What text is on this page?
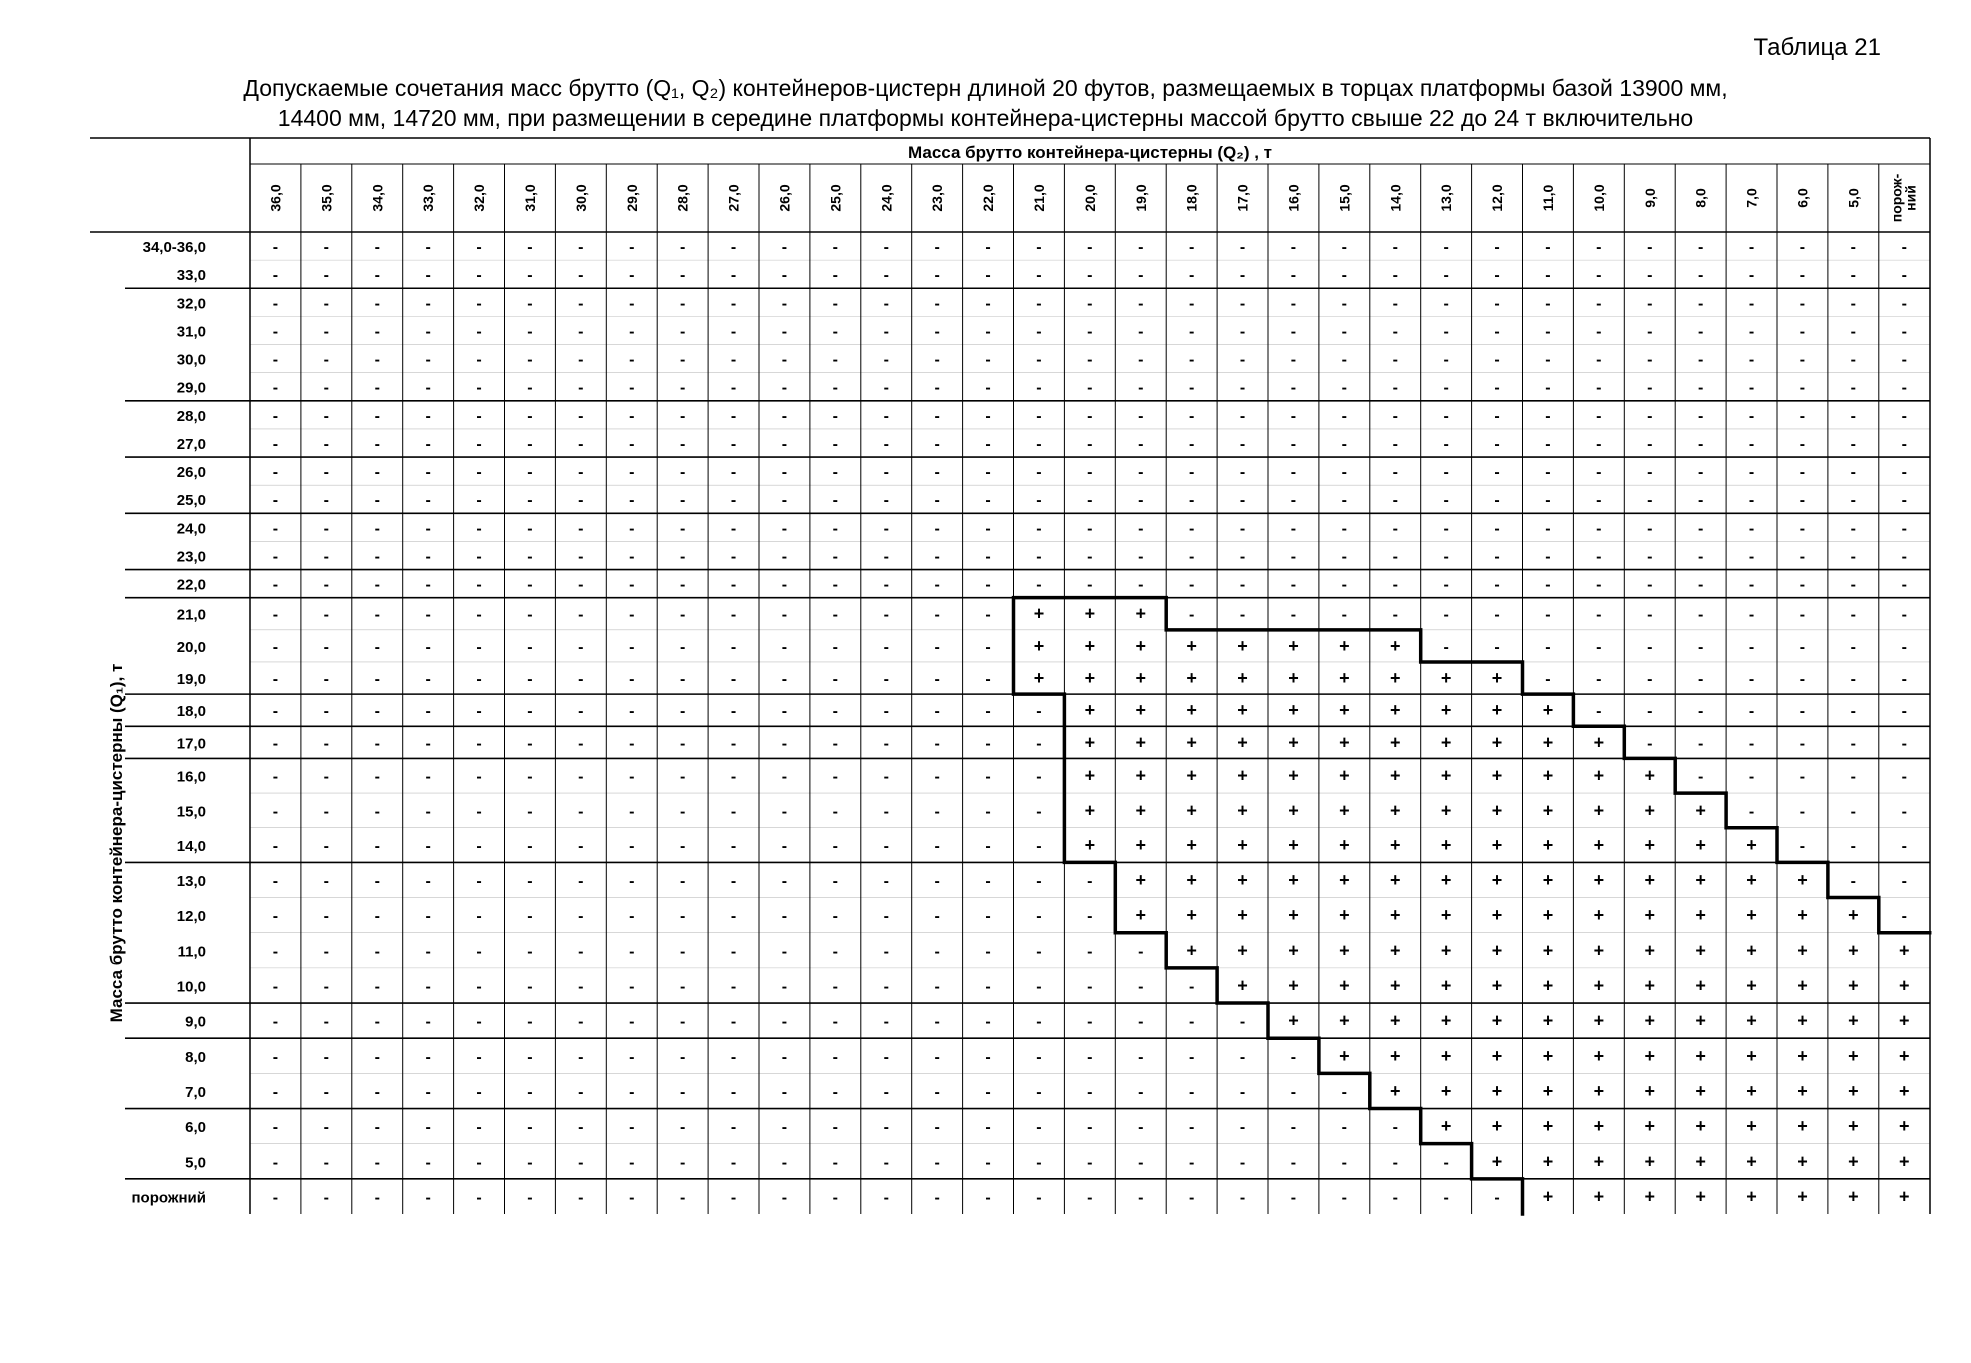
Таблица 21
Допускаемые сочетания масс брутто (Q₁, Q₂) контейнеров-цистерн длиной 20 футов, размещаемых в торцах платформы базой 13900 мм,
14400 мм, 14720 мм, при размещении в середине платформы контейнера-цистерны массой брутто свыше 22 до 24 т включительно
Масса брутто контейнера-цистерны (Q₂) , т
36,0 35,0 34,0 33,0 32,0 31,0 30,0 29,0 28,0 27,0 26,0 25,0 24,0 23,0 22,0 21,0 20,0 19,0 18,0 17,0 16,0 15,0 14,0 13,0 12,0 11,0 10,0 9,0 8,0 7,0 6,0 5,0 порож-
ний
Масса брутто контейнера-цистерны (Q₁), т
34,0-36,0	-	-	-	-	-	-	-	-	-	-	-	-	-	-	-	-	-	-	-	-	-	-	-	-	-	-	-	-	-	-	-	-	-
33,0	-	-	-	-	-	-	-	-	-	-	-	-	-	-	-	-	-	-	-	-	-	-	-	-	-	-	-	-	-	-	-	-	-
32,0	-	-	-	-	-	-	-	-	-	-	-	-	-	-	-	-	-	-	-	-	-	-	-	-	-	-	-	-	-	-	-	-	-
31,0	-	-	-	-	-	-	-	-	-	-	-	-	-	-	-	-	-	-	-	-	-	-	-	-	-	-	-	-	-	-	-	-	-
30,0	-	-	-	-	-	-	-	-	-	-	-	-	-	-	-	-	-	-	-	-	-	-	-	-	-	-	-	-	-	-	-	-	-
29,0	-	-	-	-	-	-	-	-	-	-	-	-	-	-	-	-	-	-	-	-	-	-	-	-	-	-	-	-	-	-	-	-	-
28,0	-	-	-	-	-	-	-	-	-	-	-	-	-	-	-	-	-	-	-	-	-	-	-	-	-	-	-	-	-	-	-	-	-
27,0	-	-	-	-	-	-	-	-	-	-	-	-	-	-	-	-	-	-	-	-	-	-	-	-	-	-	-	-	-	-	-	-	-
26,0	-	-	-	-	-	-	-	-	-	-	-	-	-	-	-	-	-	-	-	-	-	-	-	-	-	-	-	-	-	-	-	-	-
25,0	-	-	-	-	-	-	-	-	-	-	-	-	-	-	-	-	-	-	-	-	-	-	-	-	-	-	-	-	-	-	-	-	-
24,0	-	-	-	-	-	-	-	-	-	-	-	-	-	-	-	-	-	-	-	-	-	-	-	-	-	-	-	-	-	-	-	-	-
23,0	-	-	-	-	-	-	-	-	-	-	-	-	-	-	-	-	-	-	-	-	-	-	-	-	-	-	-	-	-	-	-	-	-
22,0	-	-	-	-	-	-	-	-	-	-	-	-	-	-	-	-	-	-	-	-	-	-	-	-	-	-	-	-	-	-	-	-	-
21,0	-	-	-	-	-	-	-	-	-	-	-	-	-	-	- + + +	-	-	-	-	-	-	-	-	-	-	-	-	-	-	-
20,0	-	-	-	-	-	-	-	-	-	-	-	-	-	-	- + + + + + + + +	-	-	-	-	-	-	-	-	-	-
19,0	-	-	-	-	-	-	-	-	-	-	-	-	-	-	- + + + + + + + + + +	-	-	-	-	-	-	-	-
18,0	-	-	-	-	-	-	-	-	-	-	-	-	-	-	-	- + + + + + + + + + +	-	-	-	-	-	-	-
17,0	-	-	-	-	-	-	-	-	-	-	-	-	-	-	-	- + + + + + + + + + + +	-	-	-	-	-	-
16,0	-	-	-	-	-	-	-	-	-	-	-	-	-	-	-	- + + + + + + + + + + + +	-	-	-	-	-
15,0	-	-	-	-	-	-	-	-	-	-	-	-	-	-	-	- + + + + + + + + + + + + +	-	-	-	-
14,0	-	-	-	-	-	-	-	-	-	-	-	-	-	-	-	- + + + + + + + + + + + + + +	-	-	-
13,0	-	-	-	-	-	-	-	-	-	-	-	-	-	-	-	-	- + + + + + + + + + + + + + +	-	-
12,0	-	-	-	-	-	-	-	-	-	-	-	-	-	-	-	-	- + + + + + + + + + + + + + + +	-
11,0	-	-	-	-	-	-	-	-	-	-	-	-	-	-	-	-	-	- + + + + + + + + + + + + + + +
10,0	-	-	-	-	-	-	-	-	-	-	-	-	-	-	-	-	-	-	- + + + + + + + + + + + + + +
9,0	-	-	-	-	-	-	-	-	-	-	-	-	-	-	-	-	-	-	-	- + + + + + + + + + + + + +
8,0	-	-	-	-	-	-	-	-	-	-	-	-	-	-	-	-	-	-	-	-	- + + + + + + + + + + + +
7,0	-	-	-	-	-	-	-	-	-	-	-	-	-	-	-	-	-	-	-	-	-	- + + + + + + + + + + +
6,0	-	-	-	-	-	-	-	-	-	-	-	-	-	-	-	-	-	-	-	-	-	-	- + + + + + + + + + +
5,0	-	-	-	-	-	-	-	-	-	-	-	-	-	-	-	-	-	-	-	-	-	-	-	- + + + + + + + + +
порожний	-	-	-	-	-	-	-	-	-	-	-	-	-	-	-	-	-	-	-	-	-	-	-	-	- + + + + + + + +
